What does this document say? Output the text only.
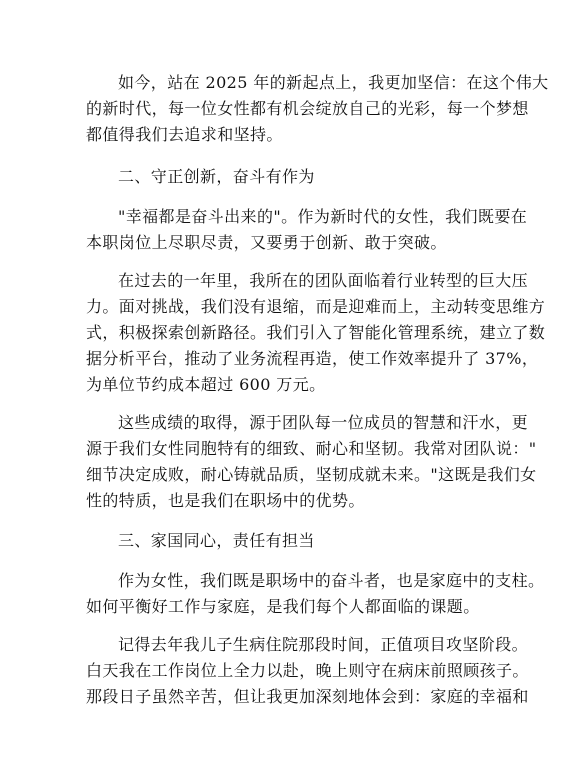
如今，站在 2025 年的新起点上，我更加坚信：在这个伟大
的新时代，每一位女性都有机会绽放自己的光彩，每一个梦想
都值得我们去追求和坚持。
二、守正创新，奋斗有作为
"幸福都是奋斗出来的"。作为新时代的女性，我们既要在
本职岗位上尽职尽责，又要勇于创新、敢于突破。
在过去的一年里，我所在的团队面临着行业转型的巨大压
力。面对挑战，我们没有退缩，而是迎难而上，主动转变思维方
式，积极探索创新路径。我们引入了智能化管理系统，建立了数
据分析平台，推动了业务流程再造，使工作效率提升了 37%，
为单位节约成本超过 600 万元。
这些成绩的取得，源于团队每一位成员的智慧和汗水，更
源于我们女性同胞特有的细致、耐心和坚韧。我常对团队说："
细节决定成败，耐心铸就品质，坚韧成就未来。"这既是我们女
性的特质，也是我们在职场中的优势。
三、家国同心，责任有担当
作为女性，我们既是职场中的奋斗者，也是家庭中的支柱。
如何平衡好工作与家庭，是我们每个人都面临的课题。
记得去年我儿子生病住院那段时间，正值项目攻坚阶段。
白天我在工作岗位上全力以赴，晚上则守在病床前照顾孩子。
那段日子虽然辛苦，但让我更加深刻地体会到：家庭的幸福和
